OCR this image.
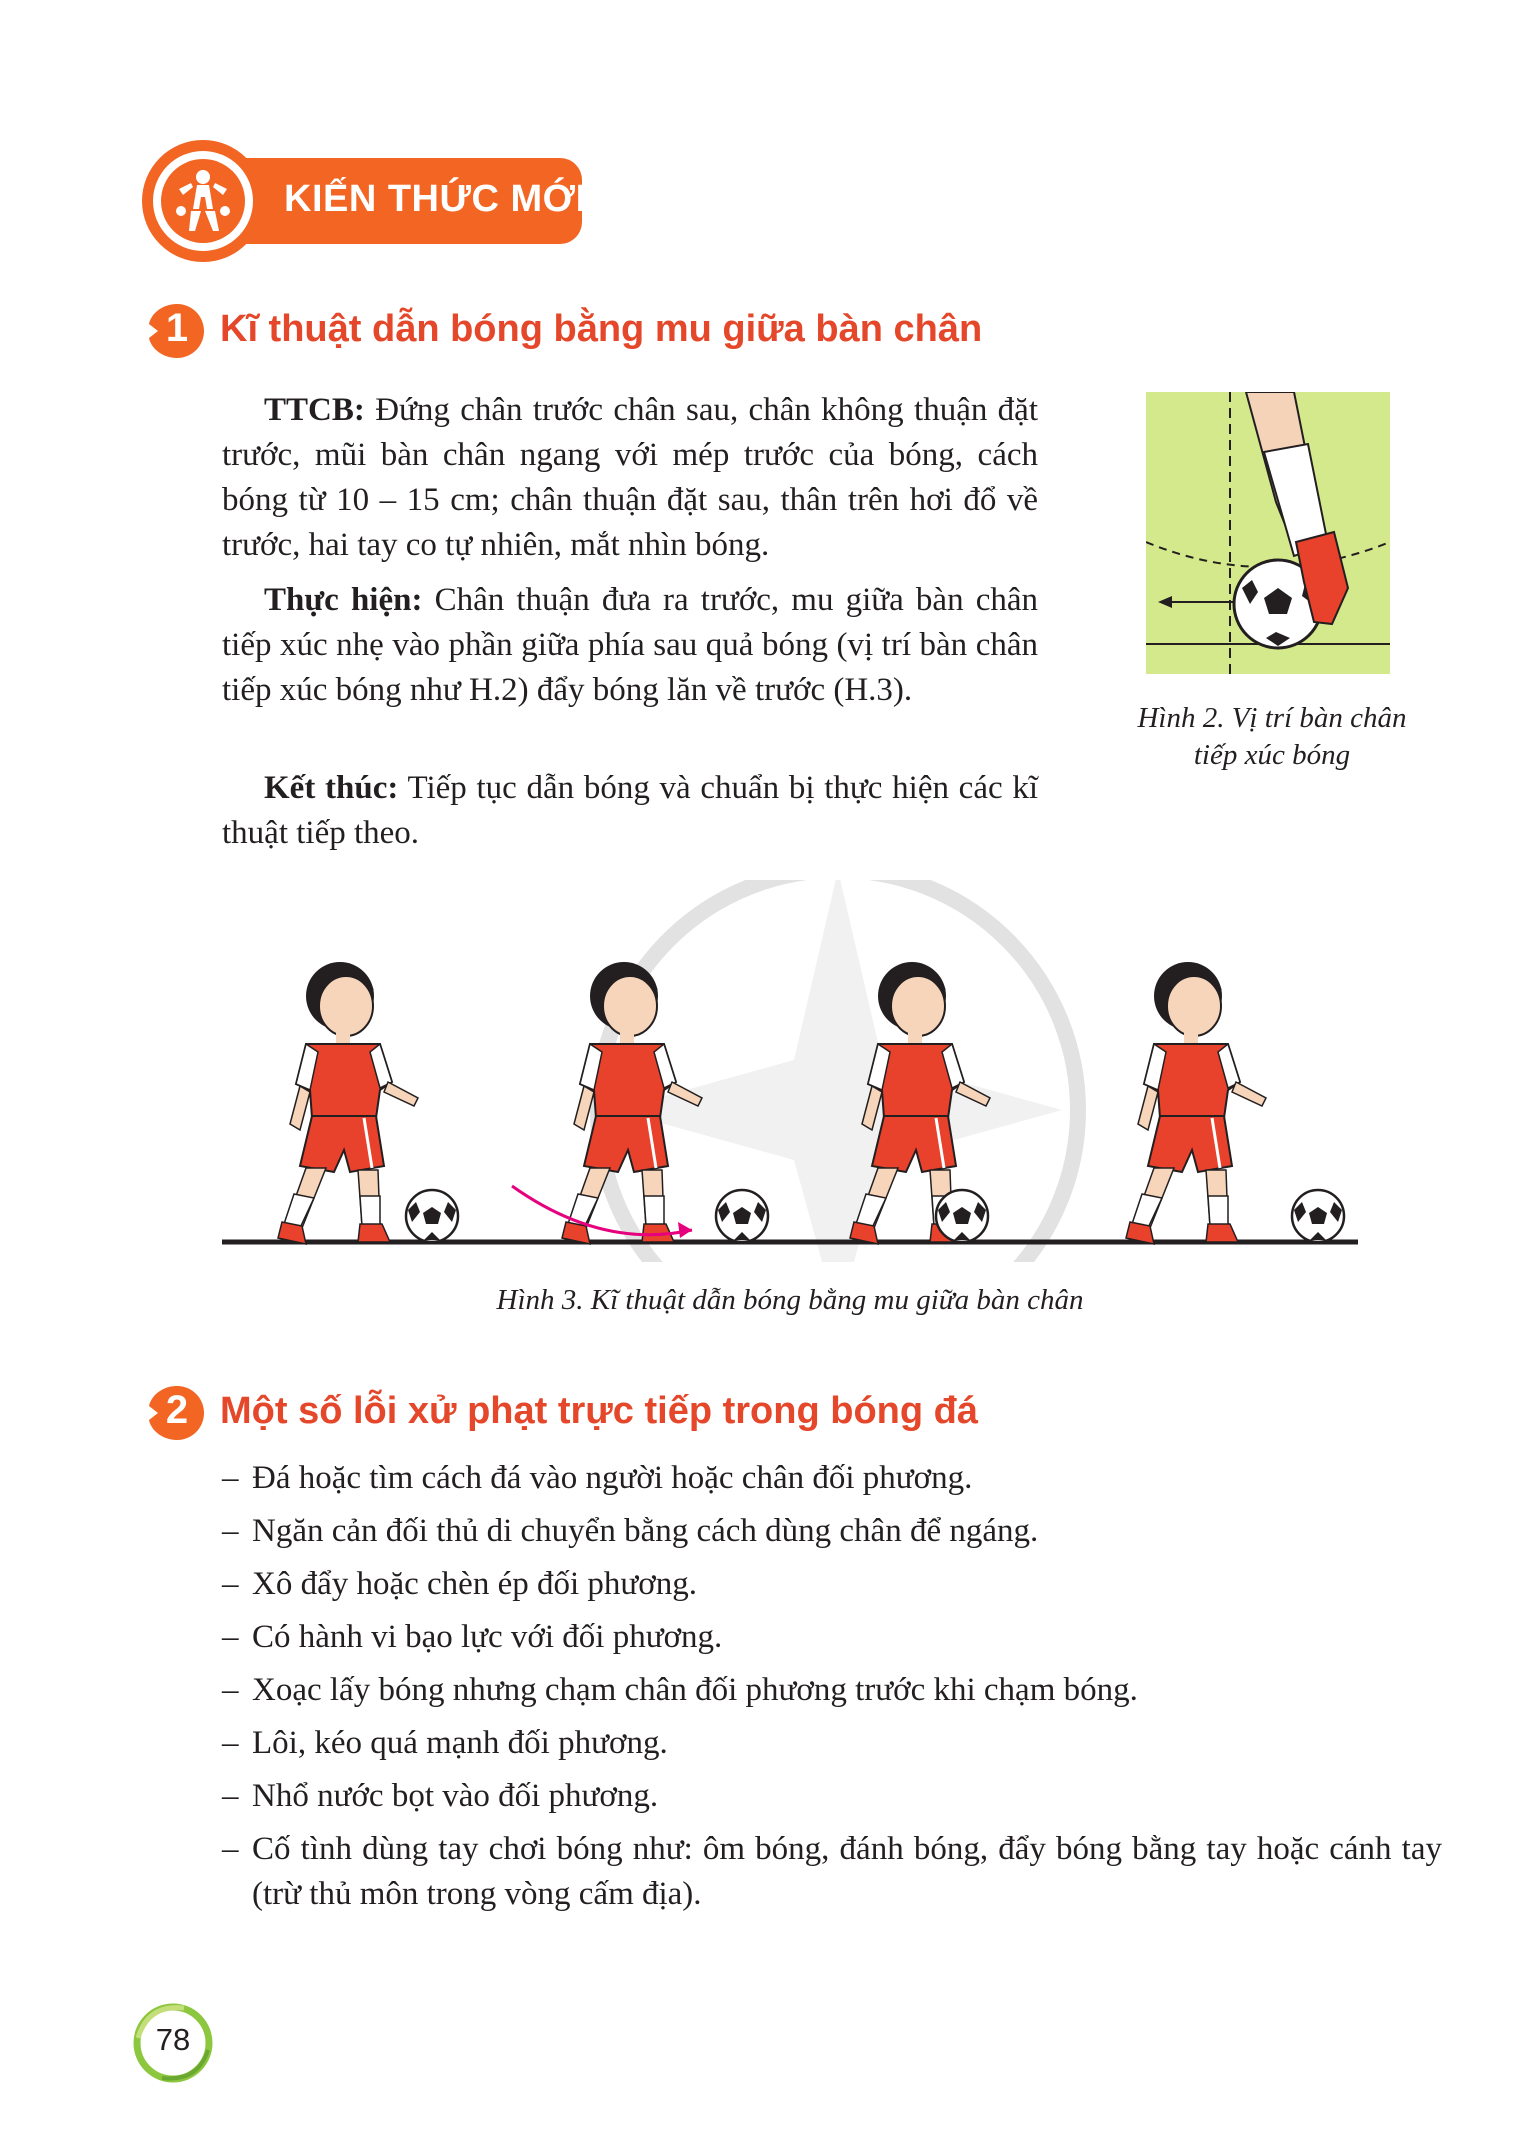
KIẾN THỨC MỚI
1 Kĩ thuật dẫn bóng bằng mu giữa bàn chân
TTCB: Đứng chân trước chân sau, chân không thuận đặt trước, mũi bàn chân ngang với mép trước của bóng, cách bóng từ 10 – 15 cm; chân thuận đặt sau, thân trên hơi đổ về trước, hai tay co tự nhiên, mắt nhìn bóng.
Thực hiện: Chân thuận đưa ra trước, mu giữa bàn chân tiếp xúc nhẹ vào phần giữa phía sau quả bóng (vị trí bàn chân tiếp xúc bóng như H.2) đẩy bóng lăn về trước (H.3).
Kết thúc: Tiếp tục dẫn bóng và chuẩn bị thực hiện các kĩ thuật tiếp theo.
Hình 2. Vị trí bàn chân
tiếp xúc bóng
Hình 3. Kĩ thuật dẫn bóng bằng mu giữa bàn chân
2 Một số lỗi xử phạt trực tiếp trong bóng đá
– Đá hoặc tìm cách đá vào người hoặc chân đối phương.
– Ngăn cản đối thủ di chuyển bằng cách dùng chân để ngáng.
– Xô đẩy hoặc chèn ép đối phương.
– Có hành vi bạo lực với đối phương.
– Xoạc lấy bóng nhưng chạm chân đối phương trước khi chạm bóng.
– Lôi, kéo quá mạnh đối phương.
– Nhổ nước bọt vào đối phương.
– Cố tình dùng tay chơi bóng như: ôm bóng, đánh bóng, đẩy bóng bằng tay hoặc cánh tay (trừ thủ môn trong vòng cấm địa).
78
